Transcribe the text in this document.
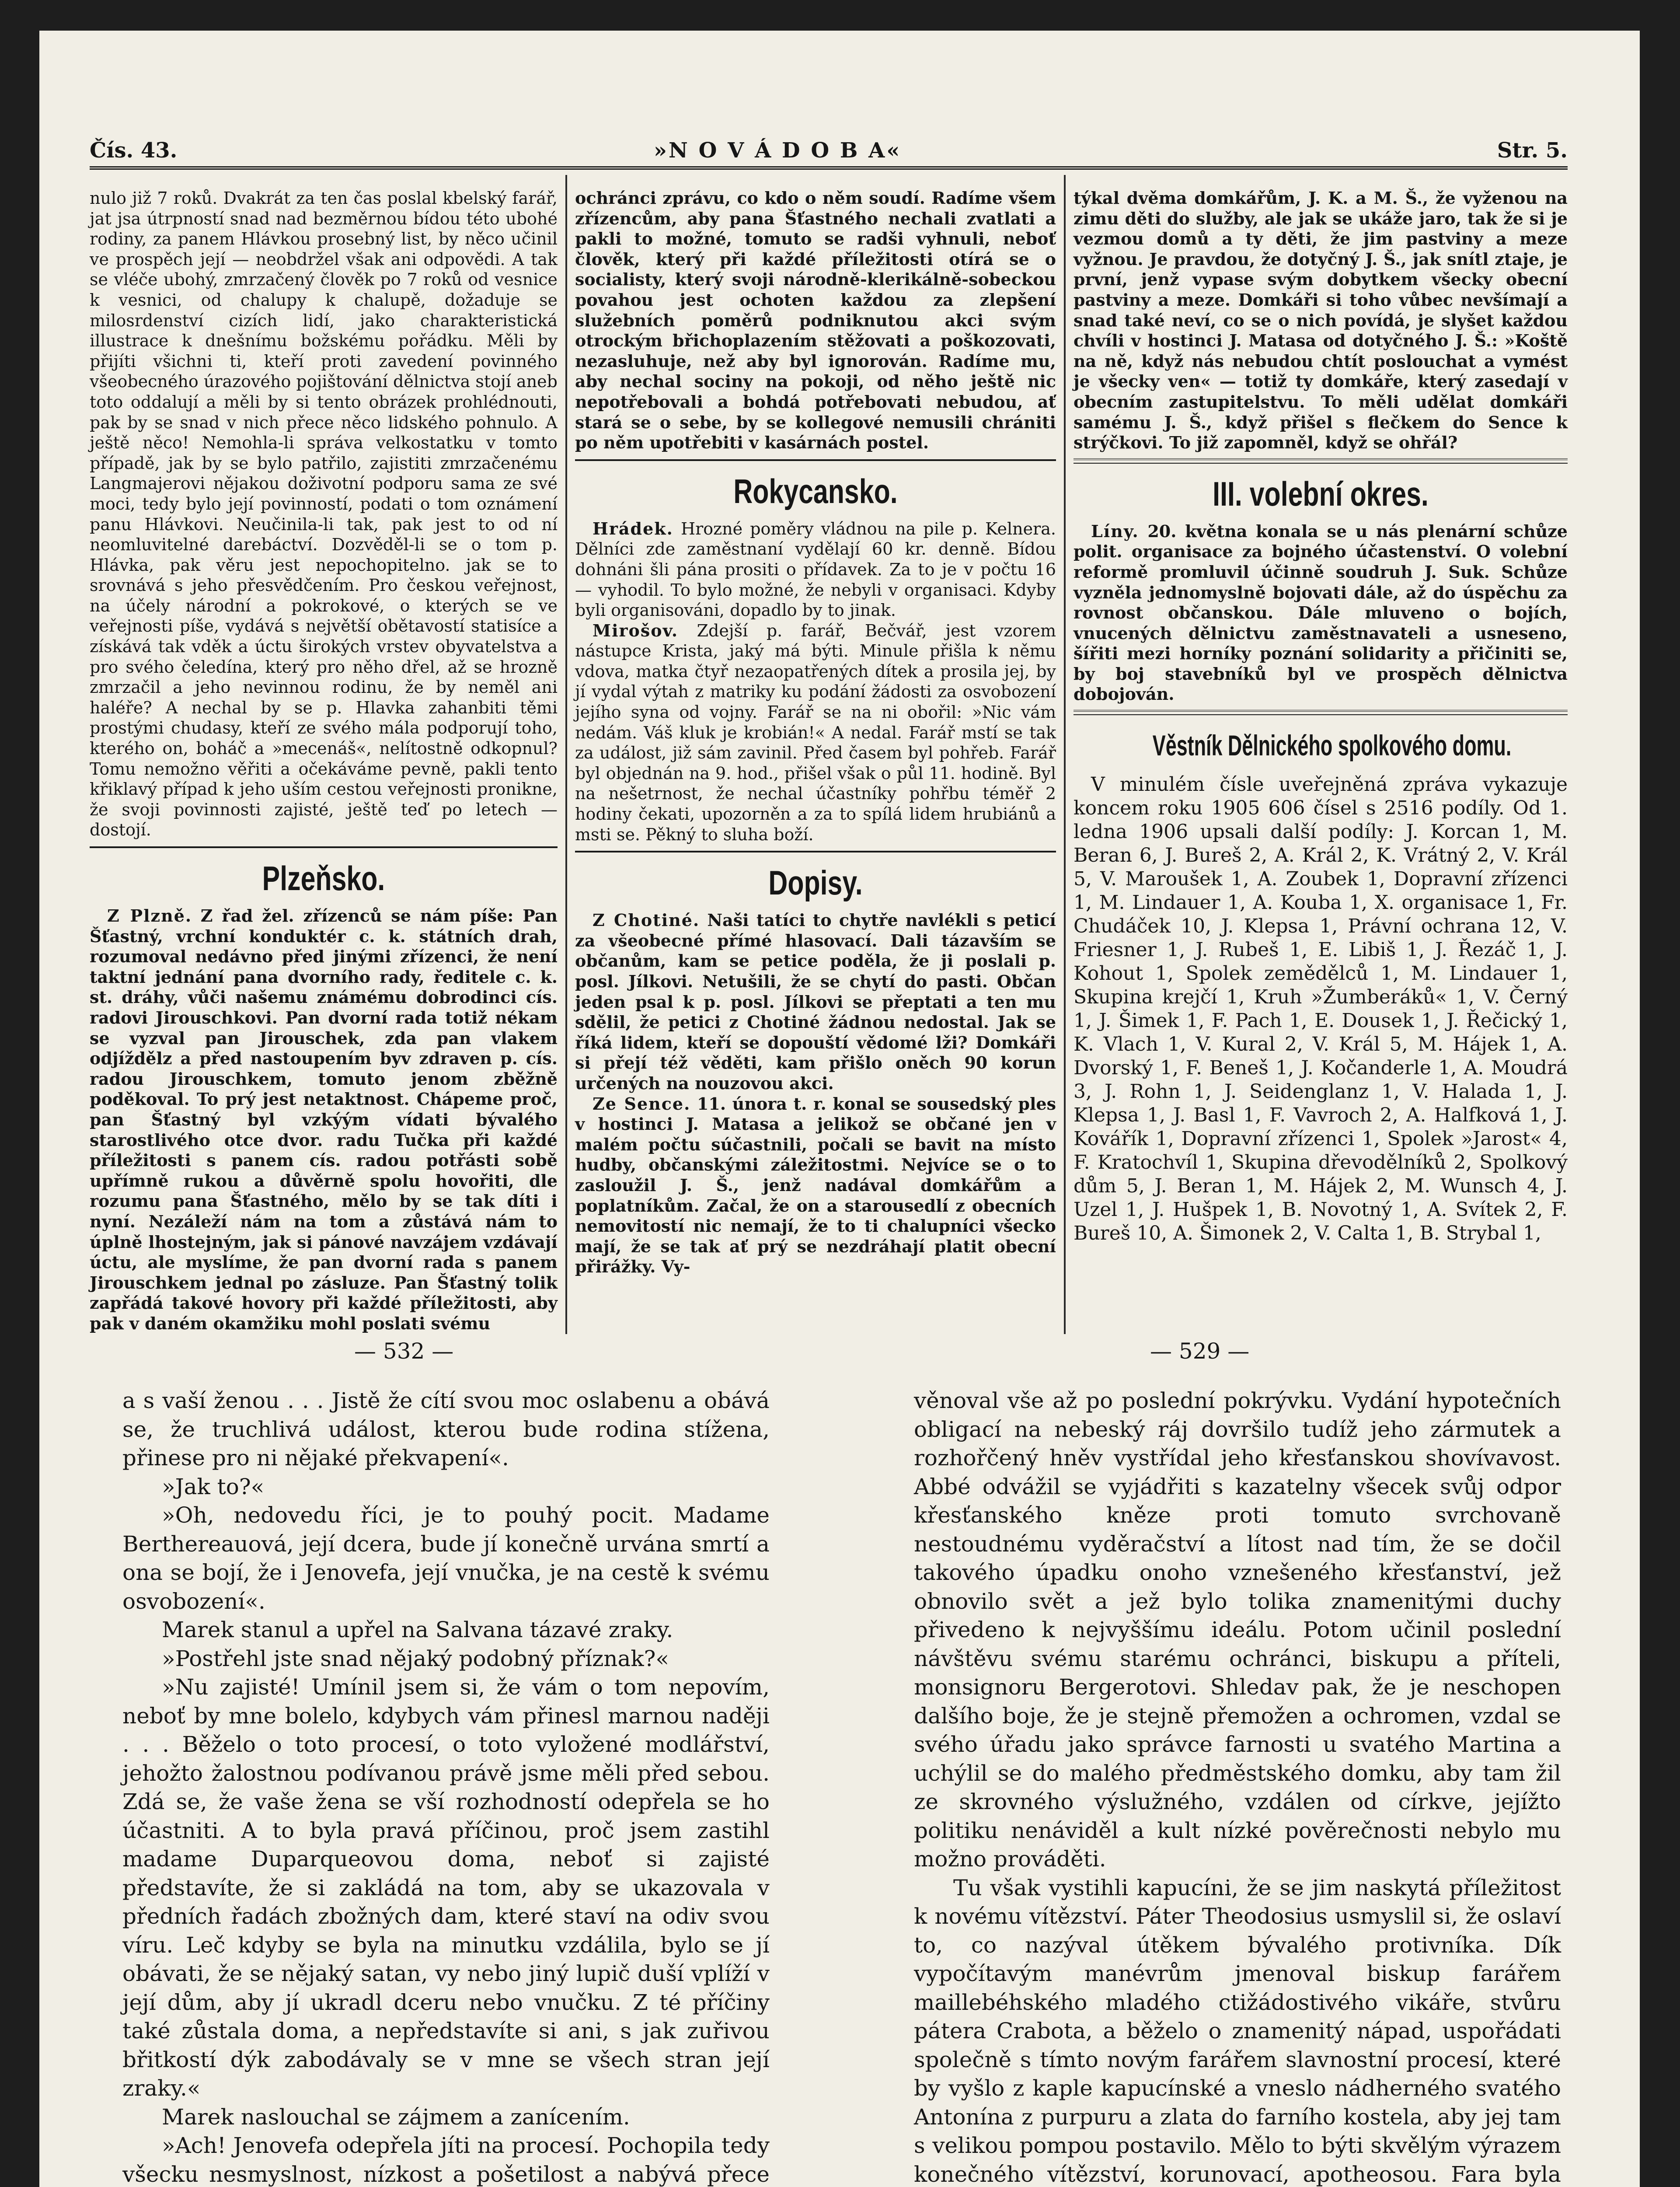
Čís. 43.	»N O V Á D O B A«	Str. 5.

nulo již 7 roků. Dvakrát za ten čas poslal kbelský farář, jat jsa útrpností snad nad bezměrnou bídou této ubohé rodiny, za panem Hlávkou prosebný list, by něco učinil ve prospěch její — neobdržel však ani odpovědi. A tak se vléče ubohý, zmrzačený člověk po 7 roků od vesnice k vesnici, od chalupy k chalupě, dožaduje se milosrdenství cizích lidí, jako charakteristická illustrace k dnešnímu božskému pořádku. Měli by přijíti všichni ti, kteří proti zavedení povinného všeobecného úrazového pojištování dělnictva stojí aneb toto oddalují a měli by si tento obrázek prohlédnouti, pak by se snad v nich přece něco lidského pohnulo. A ještě něco! Nemohla-li správa velkostatku v tomto případě, jak by se bylo patřilo, zajistiti zmrzačenému Langmajerovi nějakou doživotní podporu sama ze své moci, tedy bylo její povinností, podati o tom oznámení panu Hlávkovi. Neučinila-li tak, pak jest to od ní neomluvitelné darebáctví. Dozvěděl-li se o tom p. Hlávka, pak věru jest nepochopitelno. jak se to srovnává s jeho přesvědčením. Pro českou veřejnost, na účely národní a pokrokové, o kterých se ve veřejnosti píše, vydává s největší obětavostí statisíce a získává tak vděk a úctu širokých vrstev obyvatelstva a pro svého čeledína, který pro něho dřel, až se hrozně zmrzačil a jeho nevinnou rodinu, že by neměl ani haléře? A nechal by se p. Hlavka zahanbiti těmi prostými chudasy, kteří ze svého mála podporují toho, kterého on, boháč a »mecenáš«, nelítostně odkopnul? Tomu nemožno věřiti a očekáváme pevně, pakli tento křiklavý případ k jeho uším cestou veřejnosti pronikne, že svoji povinnosti zajisté, ještě teď po letech — dostojí.

Plzeňsko.

Z Plzně. Z řad žel. zřízenců se nám píše: Pan Šťastný, vrchní konduktér c. k. státních drah, rozumoval nedávno před jinými zřízenci, že není taktní jednání pana dvorního rady, ředitele c. k. st. dráhy, vůči našemu známému dobrodinci cís. radovi Jirouschkovi. Pan dvorní rada totiž nékam se vyzval pan Jirouschek, zda pan vlakem odjíždělz a před nastoupením byv zdraven p. cís. radou Jirouschkem, tomuto jenom zběžně poděkoval. To prý jest netaktnost. Chápeme proč, pan Šťastný byl vzkýým vídati bývalého starostlivého otce dvor. radu Tučka při každé příležitosti s panem cís. radou potřásti sobě upřímně rukou a důvěrně spolu hovořiti, dle rozumu pana Šťastného, mělo by se tak díti i nyní. Nezáleží nám na tom a zůstává nám to úplně lhostejným, jak si pánové navzájem vzdávají úctu, ale myslíme, že pan dvorní rada s panem Jirouschkem jednal po zásluze. Pan Šťastný tolik zapřádá takové hovory při každé příležitosti, aby pak v daném okamžiku mohl poslati svému

ochránci zprávu, co kdo o něm soudí. Radíme všem zřízencům, aby pana Šťastného nechali zvatlati a pakli to možné, tomuto se radši vyhnuli, neboť člověk, který při každé příležitosti otírá se o socialisty, který svoji národně-klerikálně-sobeckou povahou jest ochoten každou za zlepšení služebních poměrů podniknutou akci svým otrockým břichoplazením stěžovati a poškozovati, nezasluhuje, než aby byl ignorován. Radíme mu, aby nechal sociny na pokoji, od něho ještě nic nepotřebovali a bohdá potřebovati nebudou, ať stará se o sebe, by se kollegové nemusili chrániti po něm upotřebiti v kasárnách postel.

Rokycansko.

Hrádek. Hrozné poměry vládnou na pile p. Kelnera. Dělníci zde zaměstnaní vydělají 60 kr. denně. Bídou dohnáni šli pána prositi o přídavek. Za to je v počtu 16 — vyhodil. To bylo možné, že nebyli v organisaci. Kdyby byli organisováni, dopadlo by to jinak.

Mirošov. Zdejší p. farář, Bečvář, jest vzorem nástupce Krista, jaký má býti. Minule přišla k němu vdova, matka čtyř nezaopatřených dítek a prosila jej, by jí vydal výtah z matriky ku podání žádosti za osvobození jejího syna od vojny. Farář se na ni obořil: »Nic vám nedám. Váš kluk je krobián!« A nedal. Farář mstí se tak za událost, již sám zavinil. Před časem byl pohřeb. Farář byl objednán na 9. hod., přišel však o půl 11. hodině. Byl na nešetrnost, že nechal účastníky pohřbu téměř 2 hodiny čekati, upozorněn a za to spílá lidem hrubiánů a msti se. Pěkný to sluha boží.

Dopisy.

Z Chotiné. Naši tatíci to chytře navlékli s peticí za všeobecné přímé hlasovací. Dali tázavším se občanům, kam se petice poděla, že ji poslali p. posl. Jílkovi. Netušili, že se chytí do pasti. Občan jeden psal k p. posl. Jílkovi se přeptati a ten mu sdělil, že petici z Chotiné žádnou nedostal. Jak se říká lidem, kteří se dopouští vědomé lži? Domkáři si přejí též věděti, kam přišlo oněch 90 korun určených na nouzovou akci.

Ze Sence. 11. února t. r. konal se sousedský ples v hostinci J. Matasa a jelikož se občané jen v malém počtu súčastnili, počali se bavit na místo hudby, občanskými záležitostmi. Nejvíce se o to zasloužil J. Š., jenž nadával domkářům a poplatníkům. Začal, že on a starousedlí z obecních nemovitostí nic nemají, že to ti chalupníci všecko mají, že se tak ať prý se nezdráhají platit obecní přirážky. Vy-

týkal dvěma domkářům, J. K. a M. Š., že vyženou na zimu děti do služby, ale jak se ukáže jaro, tak že si je vezmou domů a ty děti, že jim pastviny a meze vyžnou. Je pravdou, že dotyčný J. Š., jak snítl ztaje, je první, jenž vypase svým dobytkem všecky obecní pastviny a meze. Domkáři si toho vůbec nevšímají a snad také neví, co se o nich povídá, je slyšet každou chvíli v hostinci J. Matasa od dotyčného J. Š.: »Koště na ně, když nás nebudou chtít poslouchat a vymést je všecky ven« — totiž ty domkáře, který zasedají v obecním zastupitelstvu. To měli udělat domkáři samému J. Š., když přišel s flečkem do Sence k strýčkovi. To již zapomněl, když se ohřál?

III. volební okres.

Líny. 20. května konala se u nás plenární schůze polit. organisace za bojného účastenství. O volební reformě promluvil účinně soudruh J. Suk. Schůze vyzněla jednomyslně bojovati dále, až do úspěchu za rovnost občanskou. Dále mluveno o bojích, vnucených dělnictvu zaměstnavateli a usneseno, šířiti mezi horníky poznání solidarity a přičiniti se, by boj stavebníků byl ve prospěch dělnictva dobojován.

Věstník Dělnického spolkového domu.

V minulém čísle uveřejněná zpráva vykazuje koncem roku 1905 606 čísel s 2516 podíly. Od 1. ledna 1906 upsali další podíly: J. Korcan 1, M. Beran 6, J. Bureš 2, A. Král 2, K. Vrátný 2, V. Král 5, V. Maroušek 1, A. Zoubek 1, Dopravní zřízenci 1, M. Lindauer 1, A. Kouba 1, X. organisace 1, Fr. Chudáček 10, J. Klepsa 1, Právní ochrana 12, V. Friesner 1, J. Rubeš 1, E. Libiš 1, J. Řezáč 1, J. Kohout 1, Spolek zemědělců 1, M. Lindauer 1, Skupina krejčí 1, Kruh »Žumberáků« 1, V. Černý 1, J. Šimek 1, F. Pach 1, E. Dousek 1, J. Řečický 1, K. Vlach 1, V. Kural 2, V. Král 5, M. Hájek 1, A. Dvorský 1, F. Beneš 1, J. Kočanderle 1, A. Moudrá 3, J. Rohn 1, J. Seidenglanz 1, V. Halada 1, J. Klepsa 1, J. Basl 1, F. Vavroch 2, A. Halfková 1, J. Kovářík 1, Dopravní zřízenci 1, Spolek »Jarost« 4, F. Kratochvíl 1, Skupina dřevodělníků 2, Spolkový dům 5, J. Beran 1, M. Hájek 2, M. Wunsch 4, J. Uzel 1, J. Hušpek 1, B. Novotný 1, A. Svítek 2, F. Bureš 10, A. Šimonek 2, V. Calta 1, B. Strybal 1,

— 532 —	— 529 —

a s vaší ženou . . . Jistě že cítí svou moc oslabenu a obává se, že truchlivá událost, kterou bude rodina stížena, přinese pro ni nějaké překvapení«.

»Jak to?«

»Oh, nedovedu říci, je to pouhý pocit. Madame Berthereauová, její dcera, bude jí konečně urvána smrtí a ona se bojí, že i Jenovefa, její vnučka, je na cestě k svému osvobození«.

Marek stanul a upřel na Salvana tázavé zraky.

»Postřehl jste snad nějaký podobný příznak?«

»Nu zajisté! Umínil jsem si, že vám o tom nepovím, neboť by mne bolelo, kdybych vám přinesl marnou naději . . . Běželo o toto procesí, o toto vyložené modlářství, jehožto žalostnou podívanou právě jsme měli před sebou. Zdá se, že vaše žena se vší rozhodností odepřela se ho účastniti. A to byla pravá příčinou, proč jsem zastihl madame Duparqueovou doma, neboť si zajisté představíte, že si zakládá na tom, aby se ukazovala v předních řadách zbožných dam, které staví na odiv svou víru. Leč kdyby se byla na minutku vzdálila, bylo se jí obávati, že se nějaký satan, vy nebo jiný lupič duší vplíží v její dům, aby jí ukradl dceru nebo vnučku. Z té příčiny také zůstala doma, a nepředstavíte si ani, s jak zuřivou břitkostí dýk zabodávaly se v mne se všech stran její zraky.«

Marek naslouchal se zájmem a zanícením.

»Ach! Jenovefa odepřela jíti na procesí. Pochopila tedy všecku nesmyslnost, nízkost a pošetilost a nabývá přece

věnoval vše až po poslední pokrývku. Vydání hypotečních obligací na nebeský ráj dovršilo tudíž jeho zármutek a rozhořčený hněv vystřídal jeho křesťanskou shovívavost. Abbé odvážil se vyjádřiti s kazatelny všecek svůj odpor křesťanského kněze proti tomuto svrchovaně nestoudnému vyděračství a lítost nad tím, že se dočil takového úpadku onoho vznešeného křesťanství, jež obnovilo svět a jež bylo tolika znamenitými duchy přivedeno k nejvyššímu ideálu. Potom učinil poslední návštěvu svému starému ochránci, biskupu a příteli, monsignoru Bergerotovi. Shledav pak, že je neschopen dalšího boje, že je stejně přemožen a ochromen, vzdal se svého úřadu jako správce farnosti u svatého Martina a uchýlil se do malého předměstského domku, aby tam žil ze skrovného výslužného, vzdálen od církve, jejížto politiku nenáviděl a kult nízké pověrečnosti nebylo mu možno prováděti.

Tu však vystihli kapucíni, že se jim naskytá příležitost k novému vítězství. Páter Theodosius usmyslil si, že oslaví to, co nazýval útěkem bývalého protivníka. Dík vypočítavým manévrům jmenoval biskup farářem maillebéhského mladého ctižádostivého vikáře, stvůru pátera Crabota, a běželo o znamenitý nápad, uspořádati společně s tímto novým farářem slavnostní procesí, které by vyšlo z kaple kapucínské a vneslo nádherného svatého Antonína z purpuru a zlata do farního kostela, aby jej tam s velikou pompou postavilo. Mělo to býti skvělým výrazem konečného vítězství, korunovací, apotheosou. Fara byla
